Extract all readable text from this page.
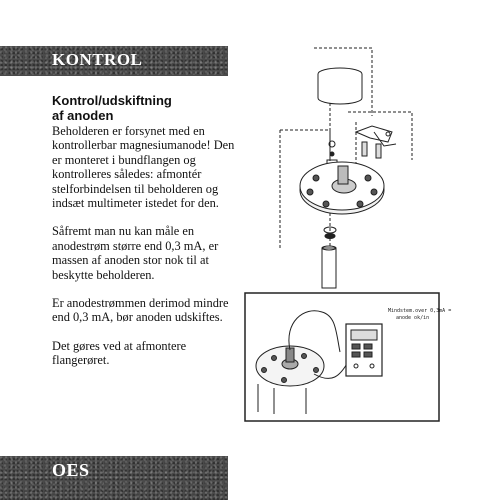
KONTROL
Kontrol/udskiftning
af anoden

Beholderen er forsynet med en kontrollerbar magnesiumanode! Den er monteret i bundflangen og kontrolleres således: afmontér stelforbindelsen til beholderen og indsæt multimeter istedet for den.

Såfremt man nu kan måle en anodestrøm større end 0,3 mA, er massen af anoden stor nok til at beskytte beholderen.

Er anodestrømmen derimod mindre end 0,3 mA, bør anoden udskiftes.

Det gøres ved at afmontere flangerøret.

Mindstem.over 0,3mA =
anode ok/in
OES
